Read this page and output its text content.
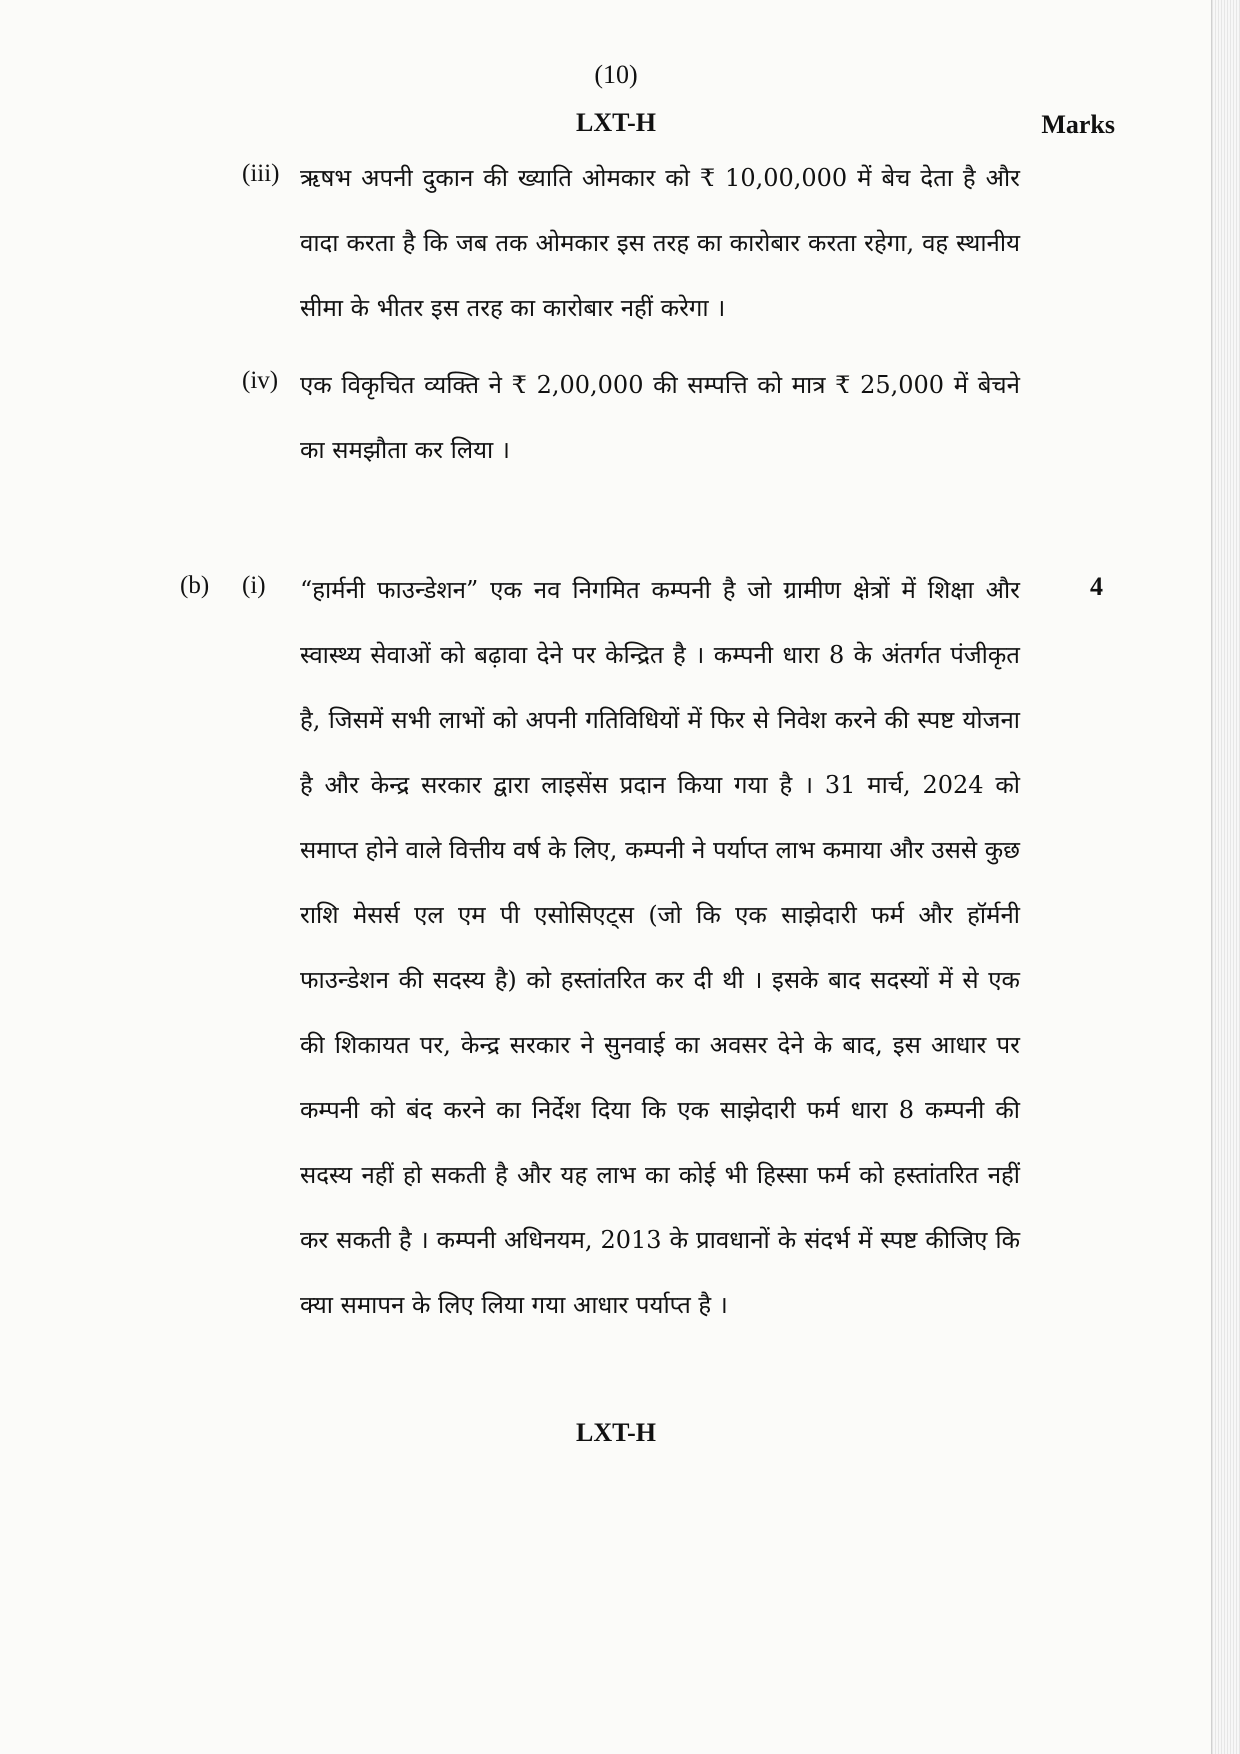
(10)
LXT-H	Marks
(iii) ऋषभ अपनी दुकान की ख्याति ओमकार को ₹ 10,00,000 में बेच देता है और वादा करता है कि जब तक ओमकार इस तरह का कारोबार करता रहेगा, वह स्थानीय सीमा के भीतर इस तरह का कारोबार नहीं करेगा ।
(iv) एक विकृचित व्यक्ति ने ₹ 2,00,000 की सम्पत्ति को मात्र ₹ 25,000 में बेचने का समझौता कर लिया ।
(b) (i) “हार्मनी फाउन्डेशन” एक नव निगमित कम्पनी है जो ग्रामीण क्षेत्रों में शिक्षा और स्वास्थ्य सेवाओं को बढ़ावा देने पर केन्द्रित है । कम्पनी धारा 8 के अंतर्गत पंजीकृत है, जिसमें सभी लाभों को अपनी गतिविधियों में फिर से निवेश करने की स्पष्ट योजना है और केन्द्र सरकार द्वारा लाइसेंस प्रदान किया गया है । 31 मार्च, 2024 को समाप्त होने वाले वित्तीय वर्ष के लिए, कम्पनी ने पर्याप्त लाभ कमाया और उससे कुछ राशि मेसर्स एल एम पी एसोसिएट्स (जो कि एक साझेदारी फर्म और हॉर्मनी फाउन्डेशन की सदस्य है) को हस्तांतरित कर दी थी । इसके बाद सदस्यों में से एक की शिकायत पर, केन्द्र सरकार ने सुनवाई का अवसर देने के बाद, इस आधार पर कम्पनी को बंद करने का निर्देश दिया कि एक साझेदारी फर्म धारा 8 कम्पनी की सदस्य नहीं हो सकती है और यह लाभ का कोई भी हिस्सा फर्म को हस्तांतरित नहीं कर सकती है । कम्पनी अधिनयम, 2013 के प्रावधानों के संदर्भ में स्पष्ट कीजिए कि क्या समापन के लिए लिया गया आधार पर्याप्त है ।
4
LXT-H
